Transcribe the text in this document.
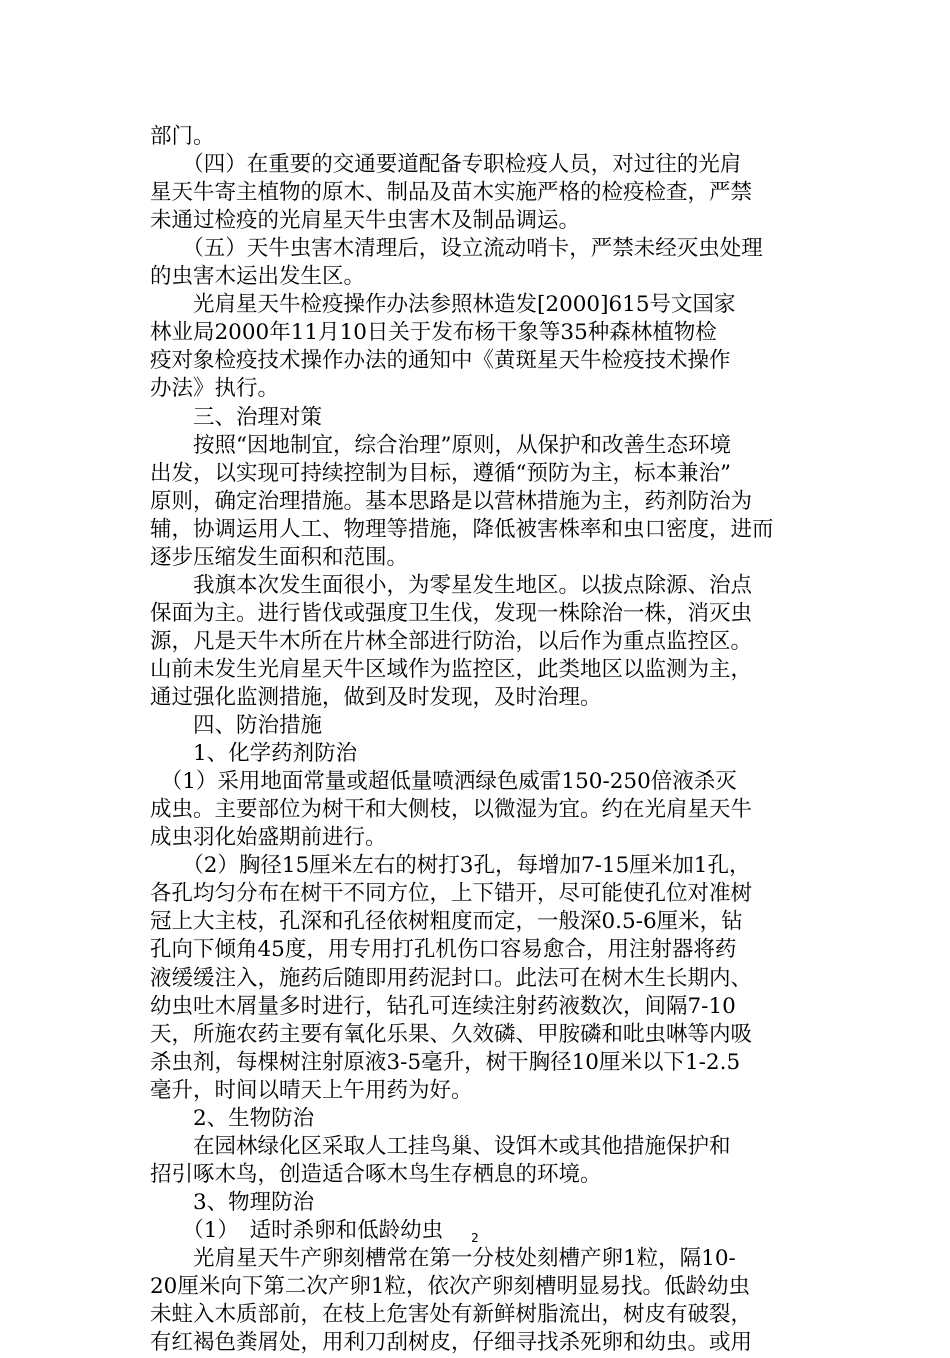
部门。
　　（四）在重要的交通要道配备专职检疫人员，对过往的光肩
星天牛寄主植物的原木、制品及苗木实施严格的检疫检查，严禁
未通过检疫的光肩星天牛虫害木及制品调运。
　　（五）天牛虫害木清理后，设立流动哨卡，严禁未经灭虫处理
的虫害木运出发生区。
　　光肩星天牛检疫操作办法参照林造发[2000]615号文国家
林业局2000年11月10日关于发布杨干象等35种森林植物检
疫对象检疫技术操作办法的通知中《黄斑星天牛检疫技术操作
办法》执行。
　　三、治理对策
　　按照“因地制宜，综合治理”原则，从保护和改善生态环境
出发，以实现可持续控制为目标，遵循“预防为主，标本兼治”
原则，确定治理措施。基本思路是以营林措施为主，药剂防治为
辅，协调运用人工、物理等措施，降低被害株率和虫口密度，进而
逐步压缩发生面积和范围。
　　我旗本次发生面很小，为零星发生地区。以拔点除源、治点
保面为主。进行皆伐或强度卫生伐，发现一株除治一株，消灭虫
源，凡是天牛木所在片林全部进行防治，以后作为重点监控区。
山前未发生光肩星天牛区域作为监控区，此类地区以监测为主，
通过强化监测措施，做到及时发现，及时治理。
　　四、防治措施
　　1、化学药剂防治
　（1）采用地面常量或超低量喷洒绿色威雷150-250倍液杀灭
成虫。主要部位为树干和大侧枝，以微湿为宜。约在光肩星天牛
成虫羽化始盛期前进行。
　　（2）胸径15厘米左右的树打3孔，每增加7-15厘米加1孔，
各孔均匀分布在树干不同方位，上下错开，尽可能使孔位对准树
冠上大主枝，孔深和孔径依树粗度而定，一般深0.5-6厘米，钻
孔向下倾角45度，用专用打孔机伤口容易愈合，用注射器将药
液缓缓注入，施药后随即用药泥封口。此法可在树木生长期内、
幼虫吐木屑量多时进行，钻孔可连续注射药液数次，间隔7-10
天，所施农药主要有氧化乐果、久效磷、甲胺磷和吡虫啉等内吸
杀虫剂，每棵树注射原液3-5毫升，树干胸径10厘米以下1-2.5
毫升，时间以晴天上午用药为好。
　　2、生物防治
　　在园林绿化区采取人工挂鸟巢、设饵木或其他措施保护和
招引啄木鸟，创造适合啄木鸟生存栖息的环境。
　　3、物理防治
　　（1）　适时杀卵和低龄幼虫
　　光肩星天牛产卵刻槽常在第一分枝处刻槽产卵1粒，隔10-
20厘米向下第二次产卵1粒，依次产卵刻槽明显易找。低龄幼虫
未蛀入木质部前，在枝上危害处有新鲜树脂流出，树皮有破裂，
有红褐色粪屑处，用利刀刮树皮，仔细寻找杀死卵和幼虫。或用
2
